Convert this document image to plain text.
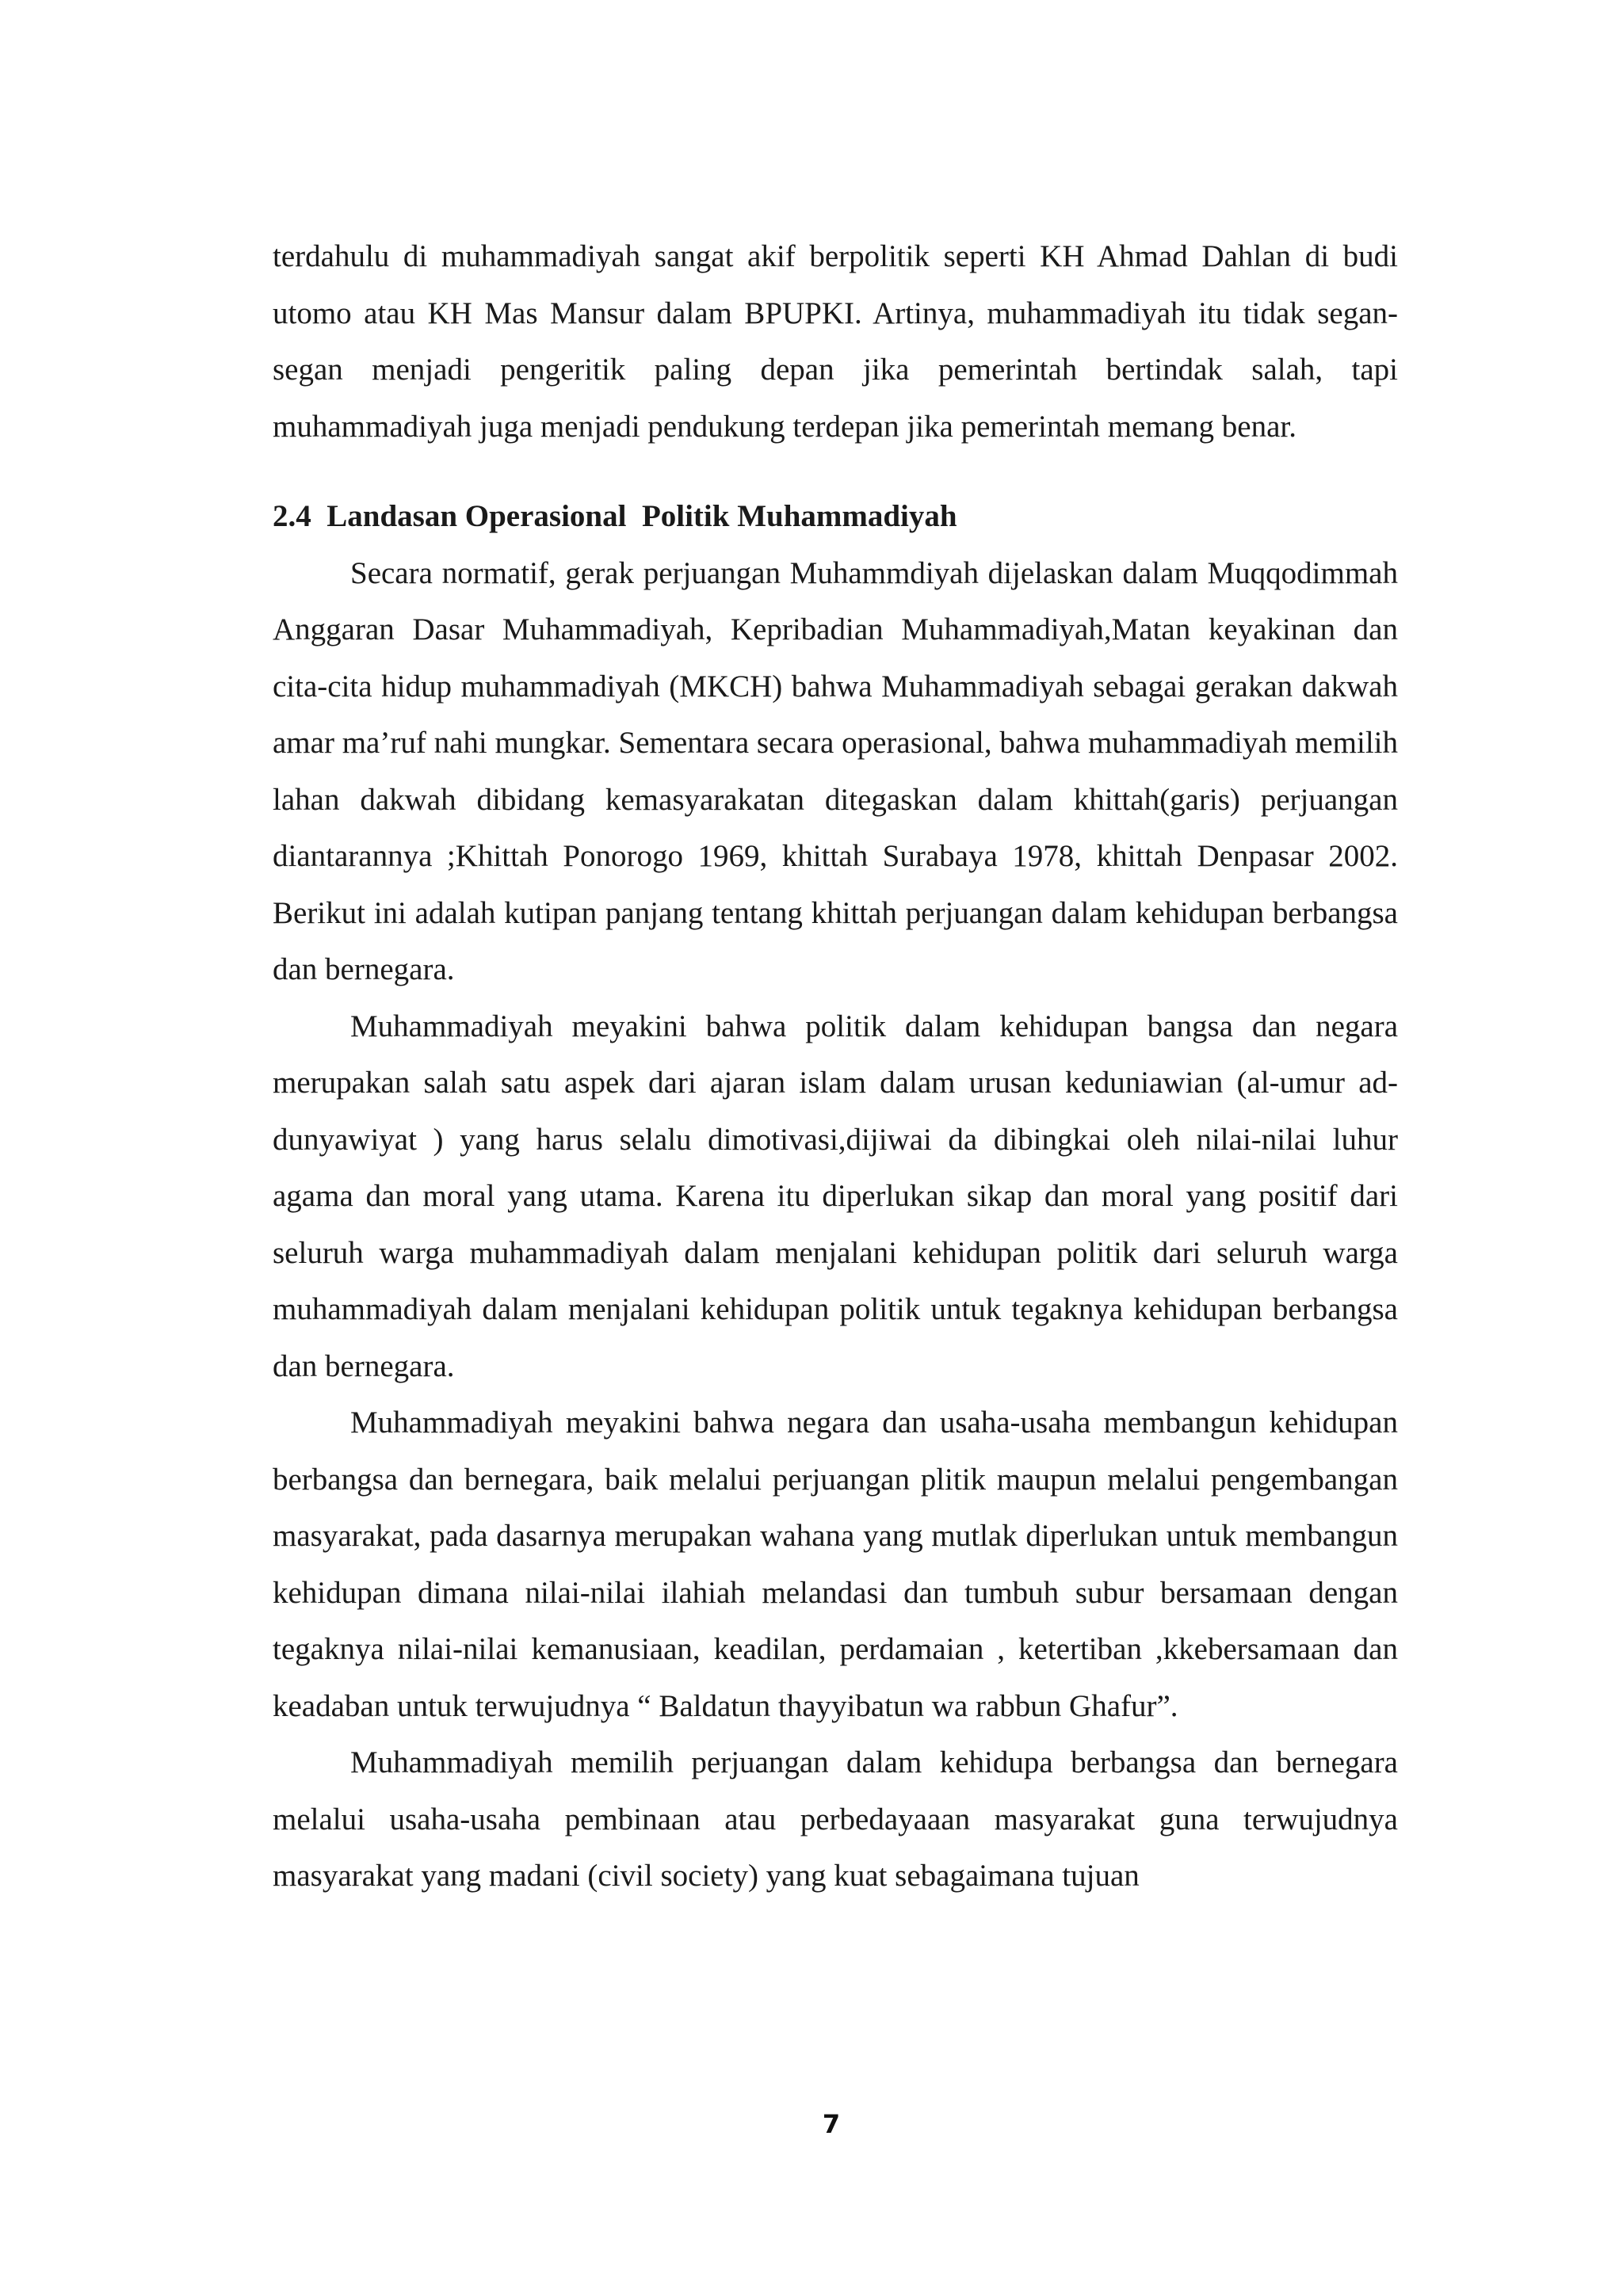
terdahulu di muhammadiyah sangat akif berpolitik seperti KH Ahmad Dahlan di budi utomo atau KH Mas Mansur dalam BPUPKI. Artinya, muhammadiyah itu tidak segan-segan menjadi pengeritik paling depan jika pemerintah bertindak salah, tapi muhammadiyah juga menjadi pendukung terdepan jika pemerintah memang benar.

2.4  Landasan Operasional  Politik Muhammadiyah

Secara normatif, gerak perjuangan Muhammdiyah dijelaskan dalam Muqqodimmah Anggaran Dasar Muhammadiyah, Kepribadian Muhammadiyah,Matan keyakinan dan cita-cita hidup muhammadiyah (MKCH) bahwa Muhammadiyah sebagai gerakan dakwah amar ma’ruf nahi mungkar. Sementara secara operasional, bahwa muhammadiyah memilih lahan dakwah dibidang kemasyarakatan ditegaskan dalam khittah(garis) perjuangan diantarannya ;Khittah Ponorogo 1969, khittah Surabaya 1978, khittah Denpasar 2002. Berikut ini adalah kutipan panjang tentang khittah perjuangan dalam kehidupan berbangsa dan bernegara.

Muhammadiyah meyakini bahwa politik dalam kehidupan bangsa dan negara merupakan salah satu aspek dari ajaran islam dalam urusan keduniawian (al-umur ad-dunyawiyat ) yang harus selalu dimotivasi,dijiwai da dibingkai oleh nilai-nilai luhur agama dan moral yang utama. Karena itu diperlukan sikap dan moral yang positif dari seluruh warga muhammadiyah dalam menjalani kehidupan politik dari seluruh warga muhammadiyah dalam menjalani kehidupan politik untuk tegaknya kehidupan berbangsa dan bernegara.

Muhammadiyah meyakini bahwa negara dan usaha-usaha membangun kehidupan berbangsa dan bernegara, baik melalui perjuangan plitik maupun melalui pengembangan masyarakat, pada dasarnya merupakan wahana yang mutlak diperlukan untuk membangun kehidupan dimana nilai-nilai ilahiah melandasi dan tumbuh subur bersamaan dengan tegaknya nilai-nilai kemanusiaan, keadilan, perdamaian , ketertiban ,kkebersamaan dan keadaban untuk terwujudnya “ Baldatun thayyibatun wa rabbun Ghafur”.

Muhammadiyah memilih perjuangan dalam kehidupa berbangsa dan bernegara melalui usaha-usaha pembinaan atau perbedayaaan masyarakat guna terwujudnya masyarakat yang madani (civil society) yang kuat sebagaimana tujuan

7
